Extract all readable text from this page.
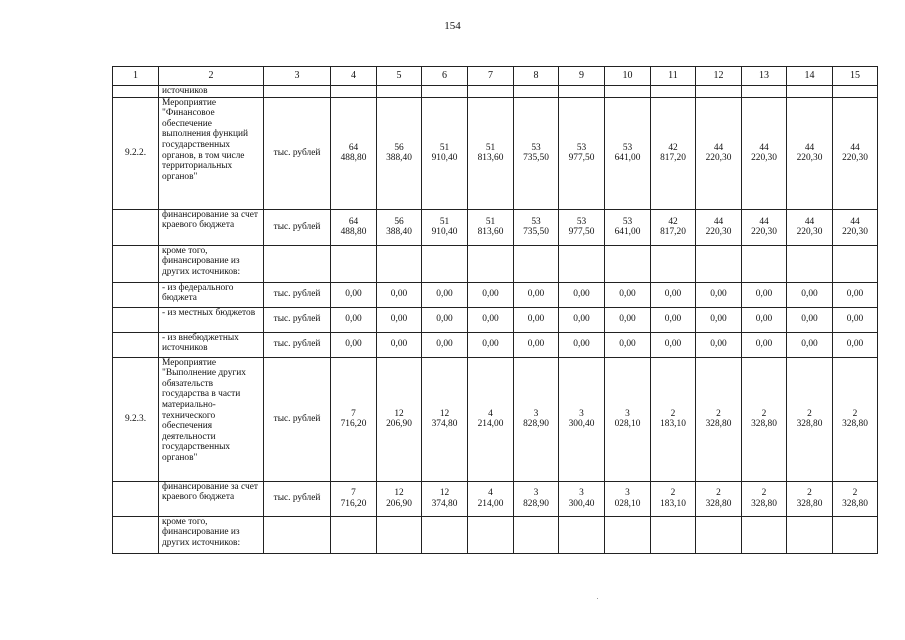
154
1	2	3	4	5	6	7	8	9	10	11	12	13	14	15
	источников													
9.2.2.	Мероприятие "Финансовое обеспечение выполнения функций государственных органов, в том числе территориальных органов"	тыс. рублей	64 488,80	56 388,40	51 910,40	51 813,60	53 735,50	53 977,50	53 641,00	42 817,20	44 220,30	44 220,30	44 220,30	44 220,30
	финансирование за счет краевого бюджета	тыс. рублей	64 488,80	56 388,40	51 910,40	51 813,60	53 735,50	53 977,50	53 641,00	42 817,20	44 220,30	44 220,30	44 220,30	44 220,30
	кроме того, финансирование из других источников:													
	- из федерального бюджета	тыс. рублей	0,00	0,00	0,00	0,00	0,00	0,00	0,00	0,00	0,00	0,00	0,00	0,00
	- из местных бюджетов	тыс. рублей	0,00	0,00	0,00	0,00	0,00	0,00	0,00	0,00	0,00	0,00	0,00	0,00
	- из внебюджетных источников	тыс. рублей	0,00	0,00	0,00	0,00	0,00	0,00	0,00	0,00	0,00	0,00	0,00	0,00
9.2.3.	Мероприятие "Выполнение других обязательств государства в части материально-технического обеспечения деятельности государственных органов"	тыс. рублей	7 716,20	12 206,90	12 374,80	4 214,00	3 828,90	3 300,40	3 028,10	2 183,10	2 328,80	2 328,80	2 328,80	2 328,80
	финансирование за счет краевого бюджета	тыс. рублей	7 716,20	12 206,90	12 374,80	4 214,00	3 828,90	3 300,40	3 028,10	2 183,10	2 328,80	2 328,80	2 328,80	2 328,80
	кроме того, финансирование из других источников:													
